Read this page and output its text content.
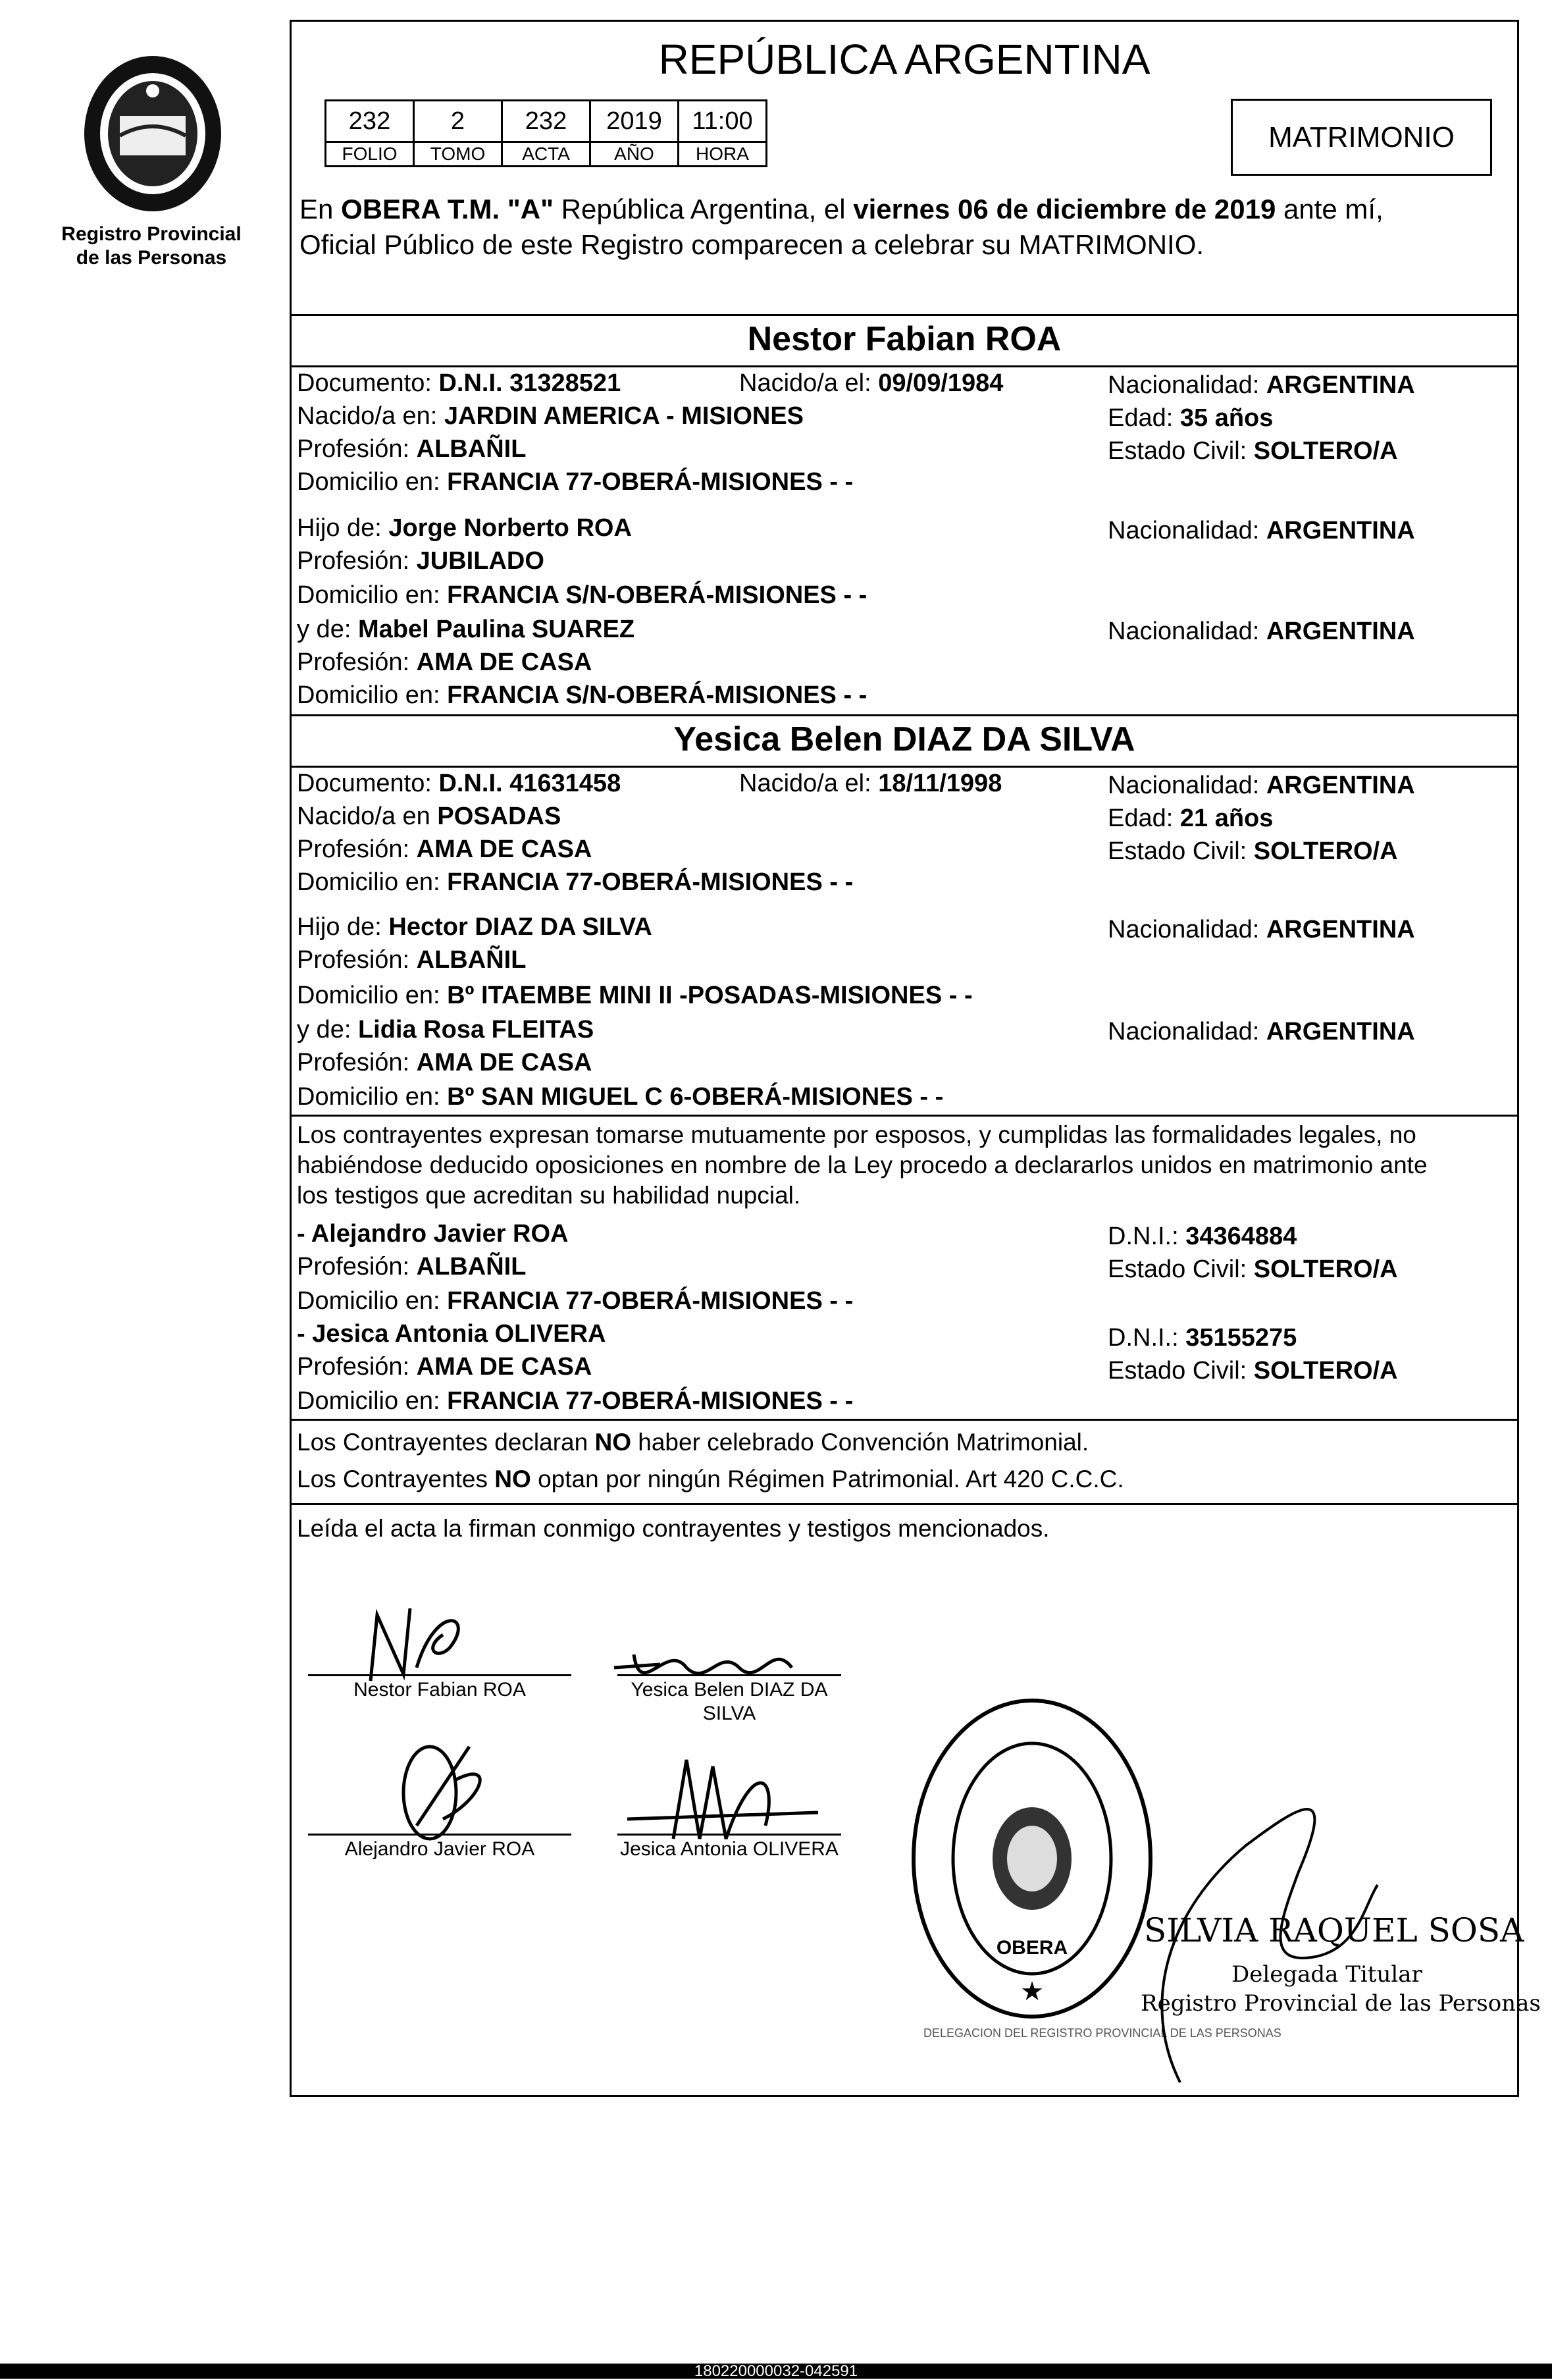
Registro Provincial
de las Personas
REPÚBLICA ARGENTINA
232	2	232	2019	11:00
FOLIO	TOMO	ACTA	AÑO	HORA
MATRIMONIO
En OBERA T.M. "A" República Argentina, el viernes 06 de diciembre de 2019 ante mí,
Oficial Público de este Registro comparecen a celebrar su MATRIMONIO.
Nestor Fabian ROA
Documento: D.N.I. 31328521	Nacido/a el: 09/09/1984	Nacionalidad: ARGENTINA
Nacido/a en: JARDIN AMERICA - MISIONES	Edad: 35 años
Profesión: ALBAÑIL	Estado Civil: SOLTERO/A
Domicilio en: FRANCIA 77-OBERÁ-MISIONES - -
Hijo de: Jorge Norberto ROA	Nacionalidad: ARGENTINA
Profesión: JUBILADO
Domicilio en: FRANCIA S/N-OBERÁ-MISIONES - -
y de: Mabel Paulina SUAREZ	Nacionalidad: ARGENTINA
Profesión: AMA DE CASA
Domicilio en: FRANCIA S/N-OBERÁ-MISIONES - -
Yesica Belen DIAZ DA SILVA
Documento: D.N.I. 41631458	Nacido/a el: 18/11/1998	Nacionalidad: ARGENTINA
Nacido/a en POSADAS	Edad: 21 años
Profesión: AMA DE CASA	Estado Civil: SOLTERO/A
Domicilio en: FRANCIA 77-OBERÁ-MISIONES - -
Hijo de: Hector DIAZ DA SILVA	Nacionalidad: ARGENTINA
Profesión: ALBAÑIL
Domicilio en: Bº ITAEMBE MINI II -POSADAS-MISIONES - -
y de: Lidia Rosa FLEITAS	Nacionalidad: ARGENTINA
Profesión: AMA DE CASA
Domicilio en: Bº SAN MIGUEL C 6-OBERÁ-MISIONES - -
Los contrayentes expresan tomarse mutuamente por esposos, y cumplidas las formalidades legales, no
habiéndose deducido oposiciones en nombre de la Ley procedo a declararlos unidos en matrimonio ante
los testigos que acreditan su habilidad nupcial.
- Alejandro Javier ROA	D.N.I.: 34364884
Profesión: ALBAÑIL	Estado Civil: SOLTERO/A
Domicilio en: FRANCIA 77-OBERÁ-MISIONES - -
- Jesica Antonia OLIVERA	D.N.I.: 35155275
Profesión: AMA DE CASA	Estado Civil: SOLTERO/A
Domicilio en: FRANCIA 77-OBERÁ-MISIONES - -
Los Contrayentes declaran NO haber celebrado Convención Matrimonial.
Los Contrayentes NO optan por ningún Régimen Patrimonial. Art 420 C.C.C.
Leída el acta la firman conmigo contrayentes y testigos mencionados.
Nestor Fabian ROA	Yesica Belen DIAZ DA
SILVA
Alejandro Javier ROA	Jesica Antonia OLIVERA
OBERA
★
DELEGACION DEL REGISTRO PROVINCIAL DE LAS PERSONAS
SILVIA RAQUEL SOSA
Delegada Titular
Registro Provincial de las Personas
180220000032-042591
